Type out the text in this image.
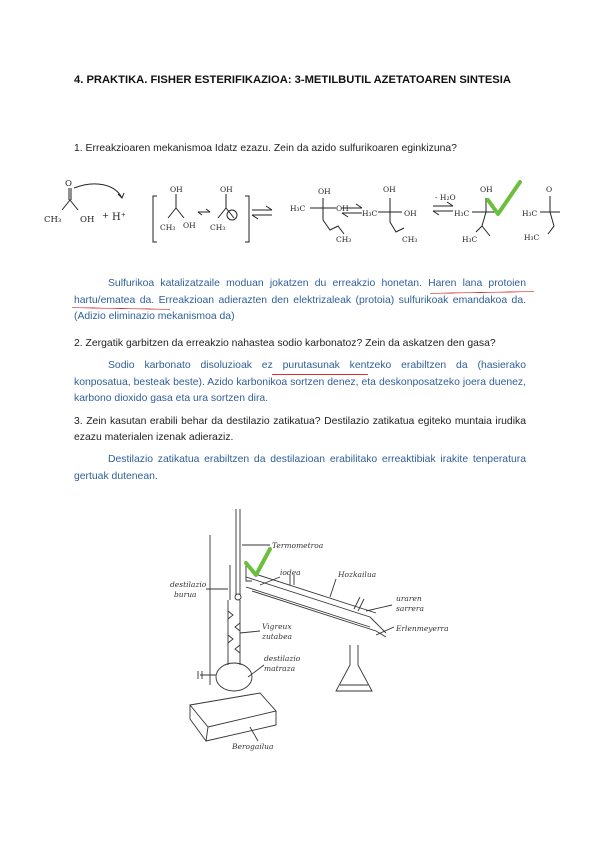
4. PRAKTIKA. FISHER ESTERIFIKAZIOA: 3-METILBUTIL AZETATOAREN SINTESIA
1. Erreakzioaren mekanismoa Idatz ezazu. Zein da azido sulfurikoaren eginkizuna?
CH₃ OH
O
+ H⁺
CH₃ OH
OH
CH₃
OH	OH
H₃C	OH
CH₃
OH
H₃C	OH
CH₃
- H₂O
OH
H₃C
H₃C
O
H₃C
H₃C
Sulfurikoa katalizatzaile moduan jokatzen du erreakzio honetan. Haren lana protoien hartu/ematea da. Erreakzioan adierazten den elektrizaleak (protoia) sulfurikoak emandakoa da. (Adizio eliminazio mekanismoa da)
2. Zergatik garbitzen da erreakzio nahastea sodio karbonatoz? Zein da askatzen den gasa?
Sodio karbonato disoluzioak ez purutasunak kentzeko erabiltzen da (hasierako konposatua, besteak beste). Azido karbonikoa sortzen denez, eta deskonposatzeko joera duenez, karbono dioxido gasa eta ura sortzen dira.
3. Zein kasutan erabili behar da destilazio zatikatua? Destilazio zatikatua egiteko muntaia irudika ezazu materialen izenak adieraziz.
Destilazio zatikatua erabiltzen da destilazioan erabilitako erreaktibiak irakite tenperatura gertuak dutenean.
Termometroa
destilazio
burua
iodea	Hozkailua
uraren
sarrera
Erlenmeyerra
Vigreux
zutabea
destilazio
matraza
Berogailua
